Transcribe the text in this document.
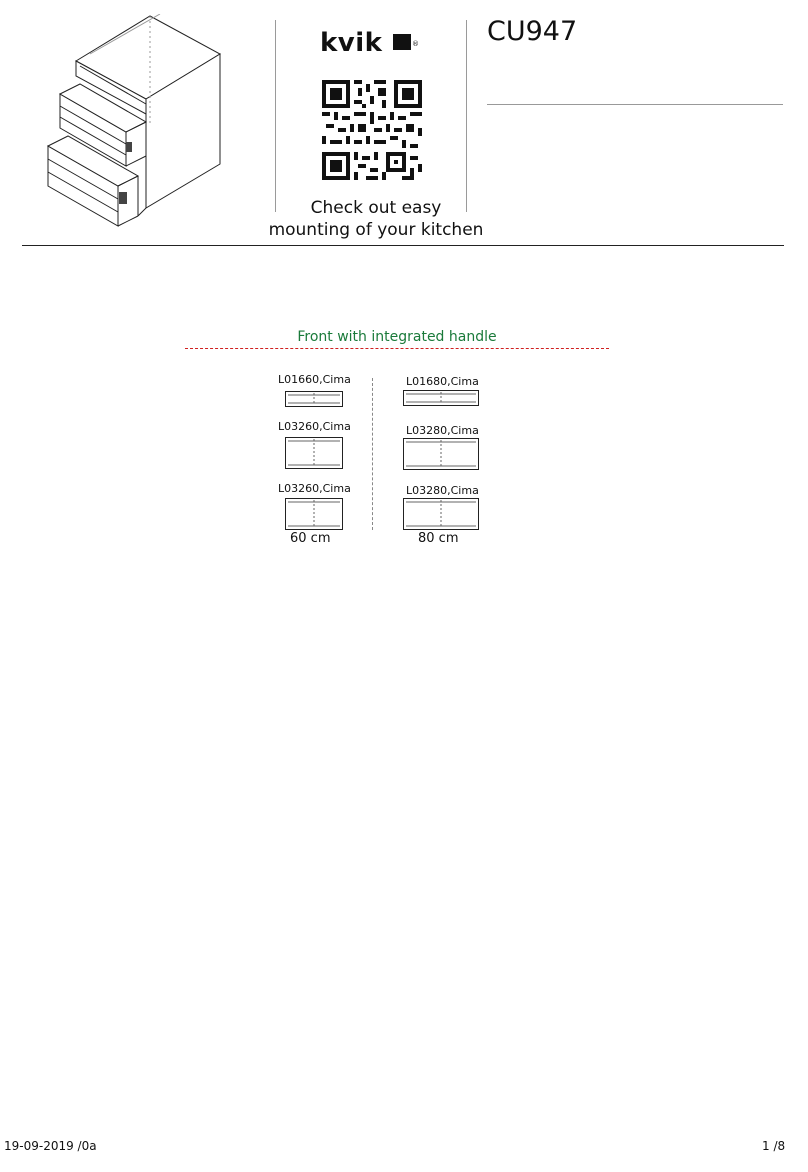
kvik	®
Check out easy
mounting of your kitchen
CU947
Front with integrated handle
L01660,Cima
L03260,Cima
L03260,Cima
60 cm
L01680,Cima
L03280,Cima
L03280,Cima
80 cm
19-09-2019 /0a	1 /8
